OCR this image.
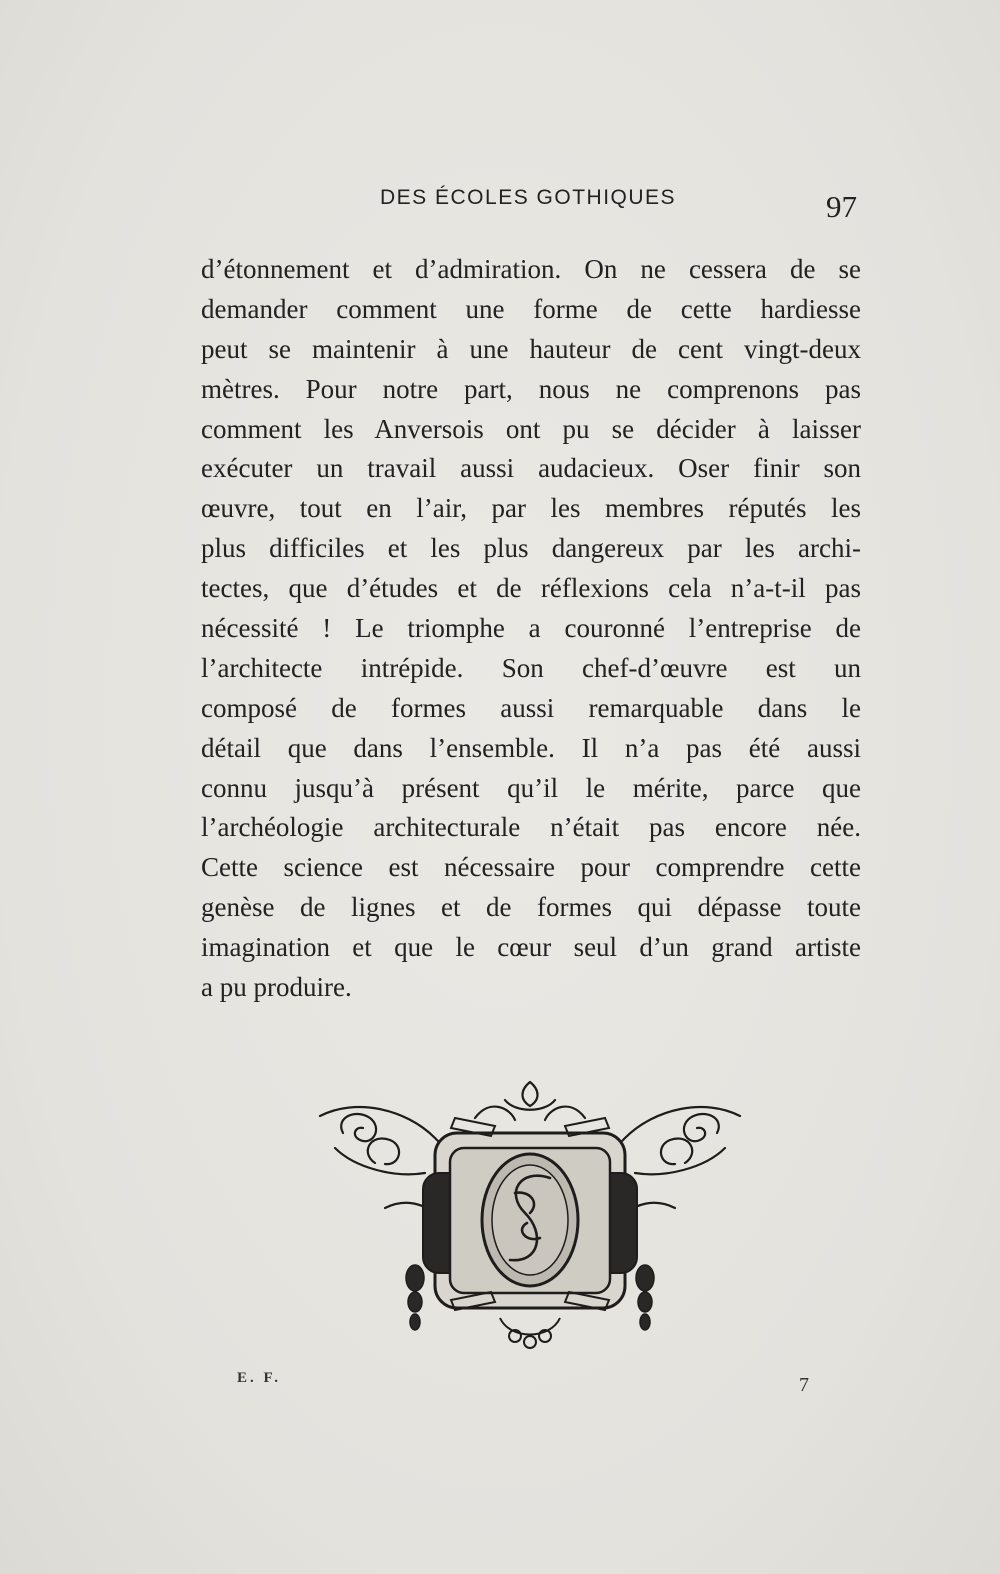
DES ÉCOLES GOTHIQUES	97
d’étonnement et d’admiration. On ne cessera de se
demander comment une forme de cette hardiesse
peut se maintenir à une hauteur de cent vingt-deux
mètres. Pour notre part, nous ne comprenons pas
comment les Anversois ont pu se décider à laisser
exécuter un travail aussi audacieux. Oser finir son
œuvre, tout en l’air, par les membres réputés les
plus difficiles et les plus dangereux par les archi-
tectes, que d’études et de réflexions cela n’a-t-il pas
nécessité ! Le triomphe a couronné l’entreprise de
l’architecte intrépide. Son chef-d’œuvre est un
composé de formes aussi remarquable dans le
détail que dans l’ensemble. Il n’a pas été aussi
connu jusqu’à présent qu’il le mérite, parce que
l’archéologie architecturale n’était pas encore née.
Cette science est nécessaire pour comprendre cette
genèse de lignes et de formes qui dépasse toute
imagination et que le cœur seul d’un grand artiste
a pu produire.
E. F.	7
